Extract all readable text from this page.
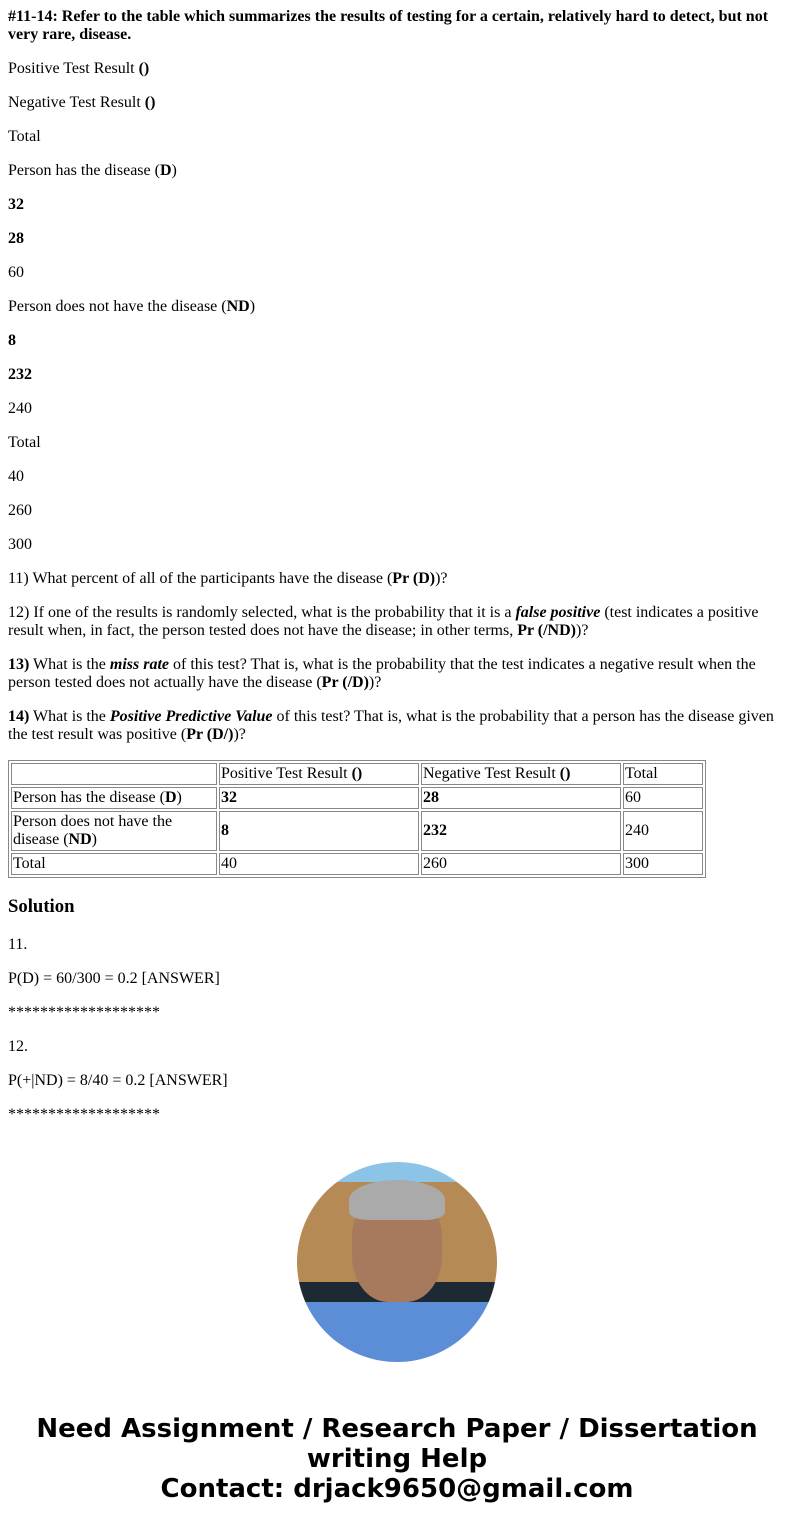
#11-14: Refer to the table which summarizes the results of testing for a certain, relatively hard to detect, but not very rare, disease.

Positive Test Result ()

Negative Test Result ()

Total

Person has the disease (D)

32

28

60

Person does not have the disease (ND)

8

232

240

Total

40

260

300

11) What percent of all of the participants have the disease (Pr (D))?

12) If one of the results is randomly selected, what is the probability that it is a false positive (test indicates a positive result when, in fact, the person tested does not have the disease; in other terms, Pr (/ND))?

13) What is the miss rate of this test? That is, what is the probability that the test indicates a negative result when the person tested does not actually have the disease (Pr (/D))?

14) What is the Positive Predictive Value of this test? That is, what is the probability that a person has the disease given the test result was positive (Pr (D/))?

	Positive Test Result ()	Negative Test Result ()	Total
Person has the disease (D)	32	28	60
Person does not have the disease (ND)	8	232	240
Total	40	260	300
Solution

11.

P(D) = 60/300 = 0.2 [ANSWER]

*******************

12.

P(+|ND) = 8/40 = 0.2 [ANSWER]

*******************

Need Assignment / Research Paper / Dissertation writing Help
Contact: drjack9650@gmail.com
